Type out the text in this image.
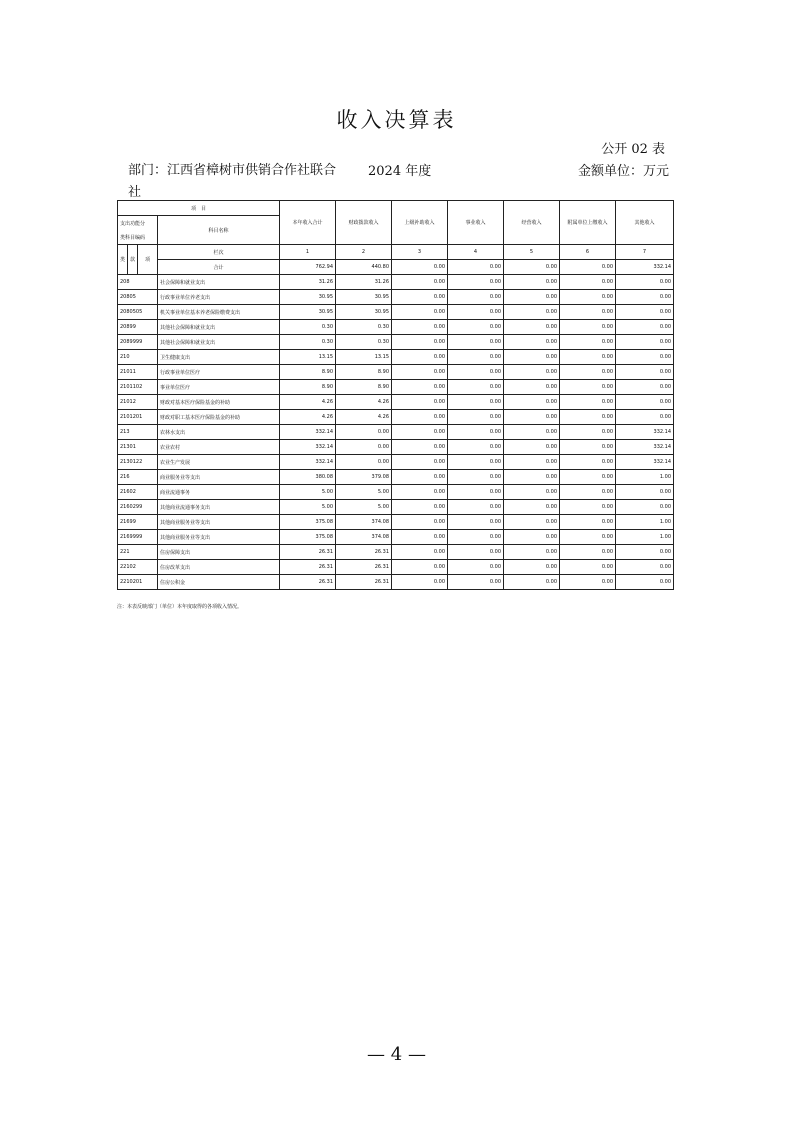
收入决算表
公开 02 表
部门：江西省樟树市供销合作社联合社
2024 年度	金额单位：万元
项　目				本年收入合计	财政拨款收入	上级补助收入	事业收入	经营收入	附属单位上缴收入	其他收入
支出功能分			科目名称							
类科目编码										
类	款	项	栏次	1	2	3	4	5	6	7
			合计	762.94	440.80	0.00	0.00	0.00	0.00	332.14
208			社会保障和就业支出	31.26	31.26	0.00	0.00	0.00	0.00	0.00
20805			行政事业单位养老支出	30.95	30.95	0.00	0.00	0.00	0.00	0.00
2080505			机关事业单位基本养老保险缴费支出	30.95	30.95	0.00	0.00	0.00	0.00	0.00
20899			其他社会保障和就业支出	0.30	0.30	0.00	0.00	0.00	0.00	0.00
2089999			其他社会保障和就业支出	0.30	0.30	0.00	0.00	0.00	0.00	0.00
210			卫生健康支出	13.15	13.15	0.00	0.00	0.00	0.00	0.00
21011			行政事业单位医疗	8.90	8.90	0.00	0.00	0.00	0.00	0.00
2101102			事业单位医疗	8.90	8.90	0.00	0.00	0.00	0.00	0.00
21012			财政对基本医疗保险基金的补助	4.26	4.26	0.00	0.00	0.00	0.00	0.00
2101201			财政对职工基本医疗保险基金的补助	4.26	4.26	0.00	0.00	0.00	0.00	0.00
213			农林水支出	332.14	0.00	0.00	0.00	0.00	0.00	332.14
21301			农业农村	332.14	0.00	0.00	0.00	0.00	0.00	332.14
2130122			农业生产发展	332.14	0.00	0.00	0.00	0.00	0.00	332.14
216			商业服务业等支出	380.08	379.08	0.00	0.00	0.00	0.00	1.00
21602			商业流通事务	5.00	5.00	0.00	0.00	0.00	0.00	0.00
2160299			其他商业流通事务支出	5.00	5.00	0.00	0.00	0.00	0.00	0.00
21699			其他商业服务业等支出	375.08	374.08	0.00	0.00	0.00	0.00	1.00
2169999			其他商业服务业等支出	375.08	374.08	0.00	0.00	0.00	0.00	1.00
221			住房保障支出	26.31	26.31	0.00	0.00	0.00	0.00	0.00
22102			住房改革支出	26.31	26.31	0.00	0.00	0.00	0.00	0.00
2210201			住房公积金	26.31	26.31	0.00	0.00	0.00	0.00	0.00
注：本表反映部门（单位）本年度取得的各项收入情况。
— 4 —
